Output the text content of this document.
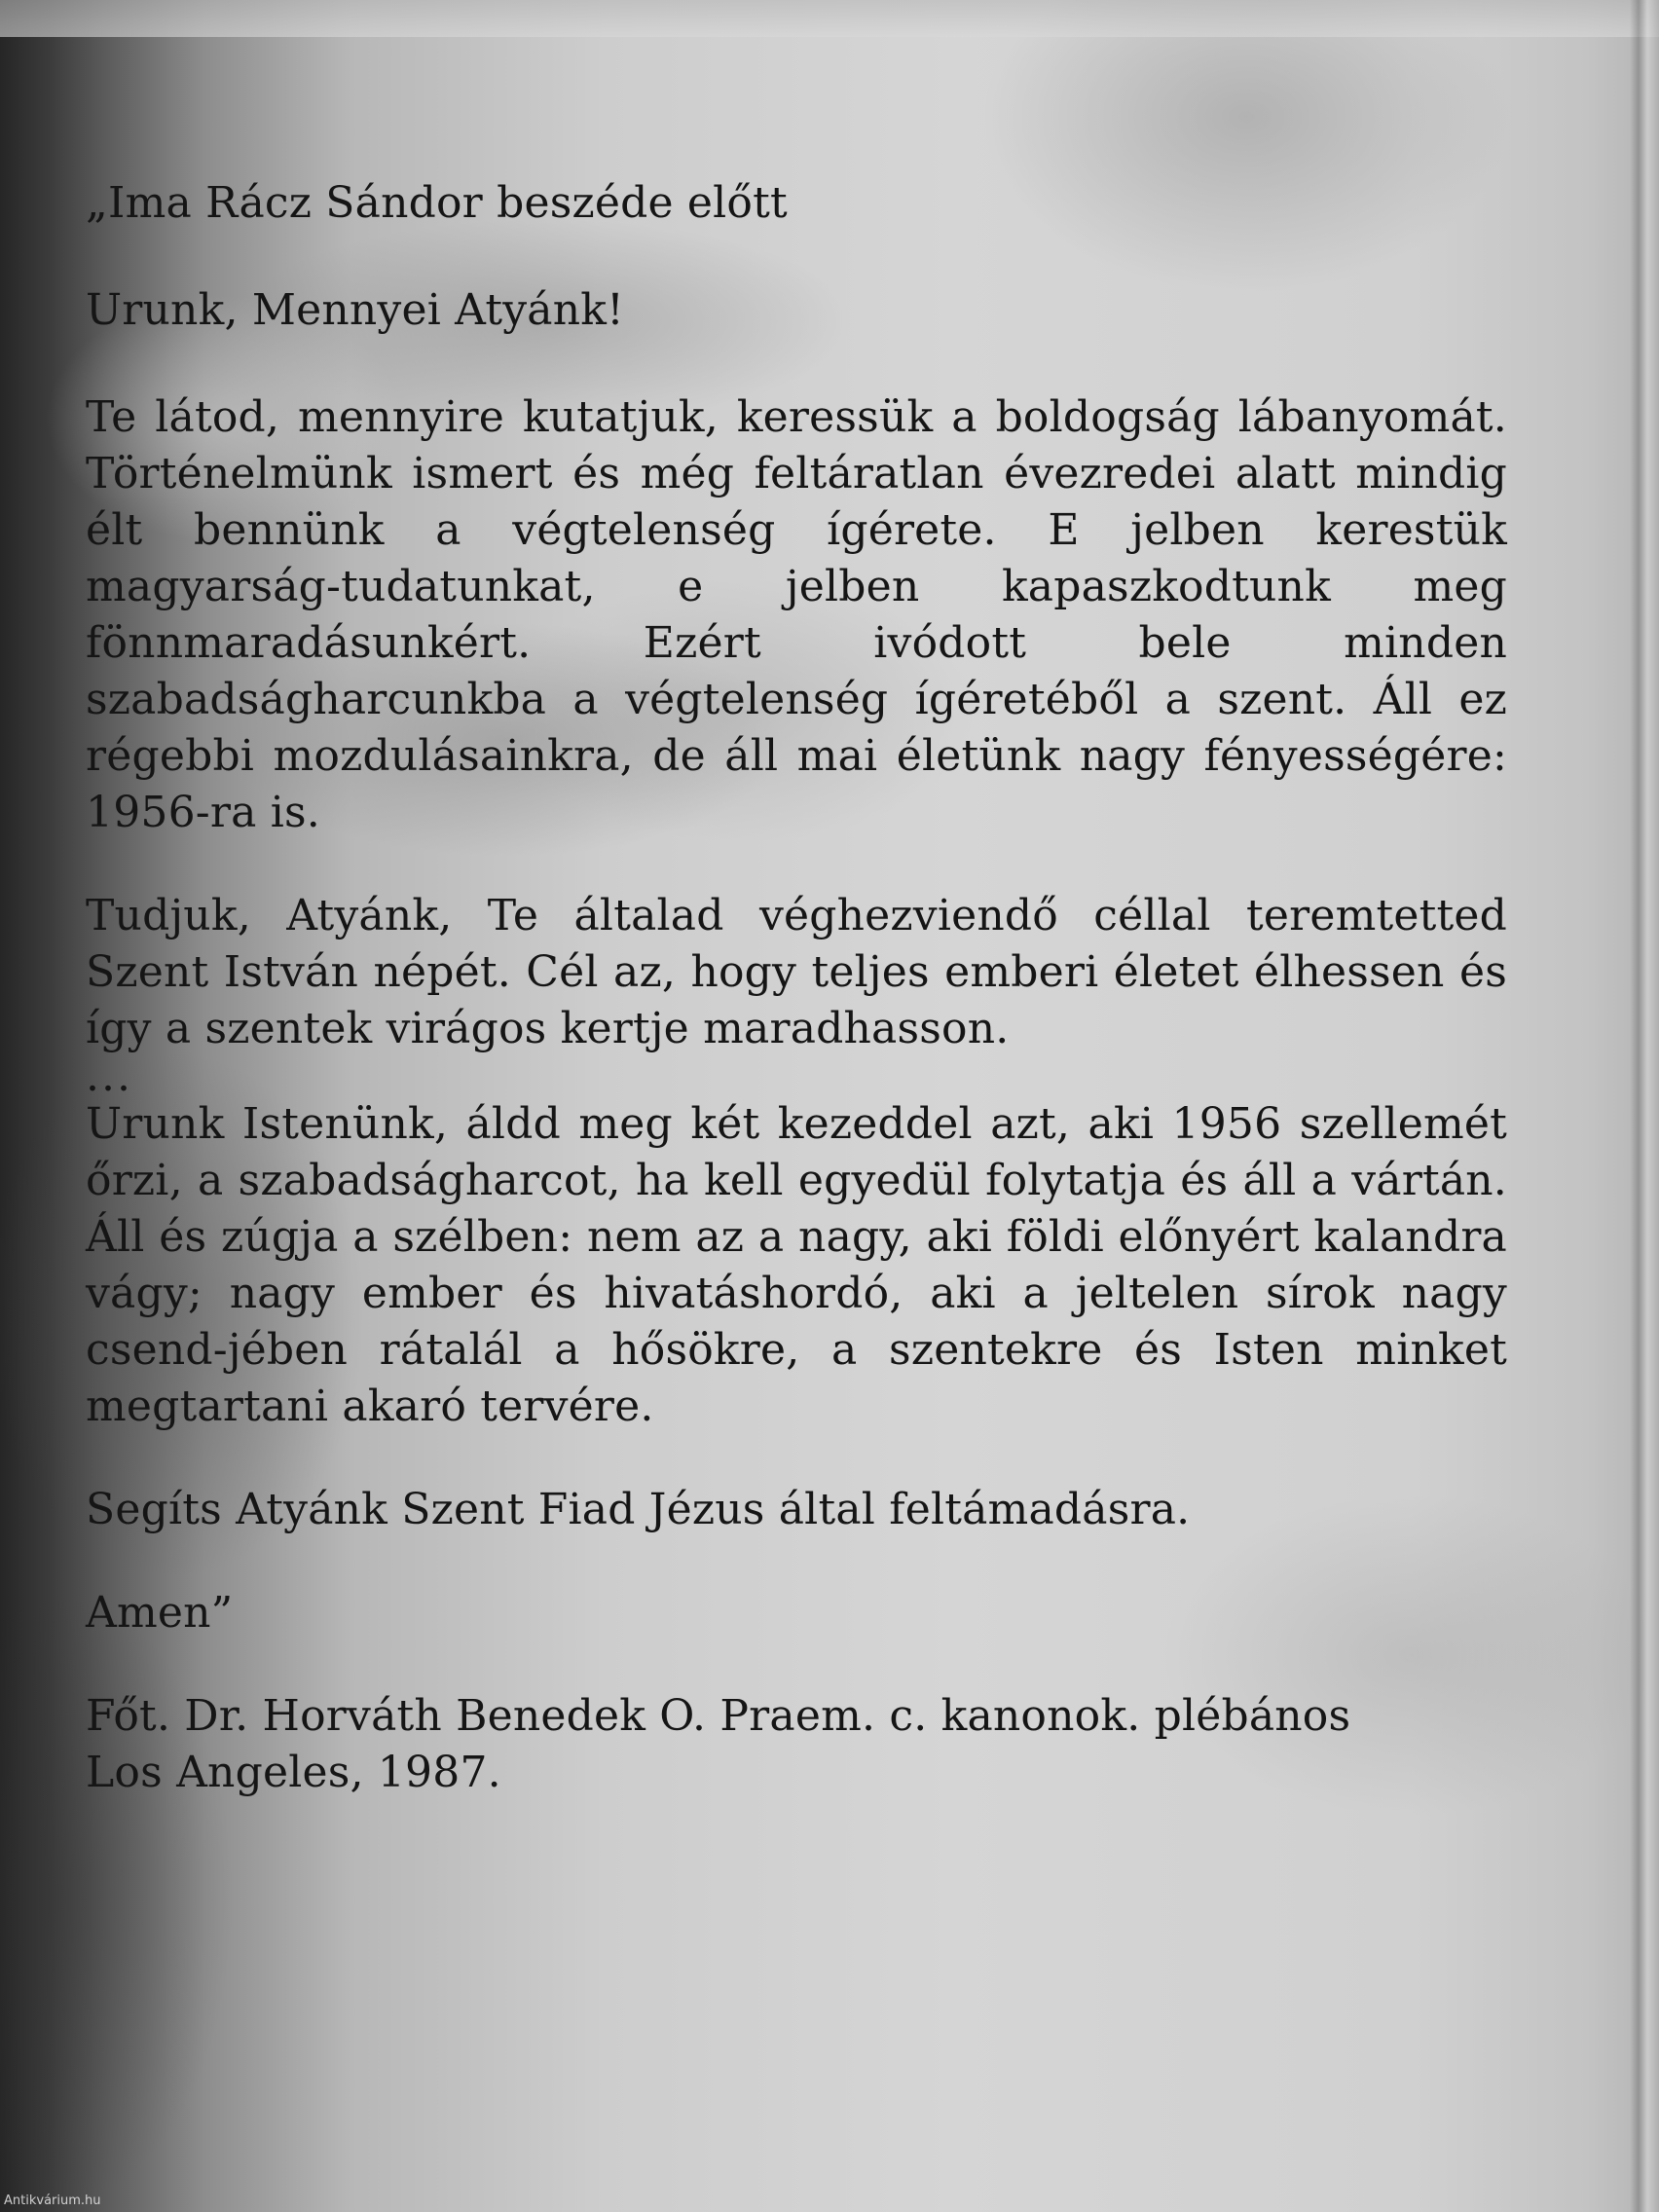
„Ima Rácz Sándor beszéde előtt

Urunk, Mennyei Atyánk!

Te látod, mennyire kutatjuk, keressük a boldogság lábanyomát. Történelmünk ismert és még feltáratlan évezredei alatt mindig élt bennünk a végtelenség ígérete. E jelben kerestük magyarság-tudatunkat, e jelben kapaszkodtunk meg fönnmaradásunkért. Ezért ivódott bele minden szabadságharcunkba a végtelenség ígéretéből a szent. Áll ez régebbi mozdulásainkra, de áll mai életünk nagy fényességére: 1956-ra is.

Tudjuk, Atyánk, Te általad véghezviendő céllal teremtetted Szent István népét. Cél az, hogy teljes emberi életet élhessen és így a szentek virágos kertje maradhasson.

...

Urunk Istenünk, áldd meg két kezeddel azt, aki 1956 szellemét őrzi, a szabadságharcot, ha kell egyedül folytatja és áll a vártán. Áll és zúgja a szélben: nem az a nagy, aki földi előnyért kalandra vágy; nagy ember és hivatáshordó, aki a jeltelen sírok nagy csend-jében rátalál a hősökre, a szentekre és Isten minket megtartani akaró tervére.

Segíts Atyánk Szent Fiad Jézus által feltámadásra.

Amen”

Főt. Dr. Horváth Benedek O. Praem. c. kanonok. plébános

Los Angeles, 1987.

Antikvárium.hu
